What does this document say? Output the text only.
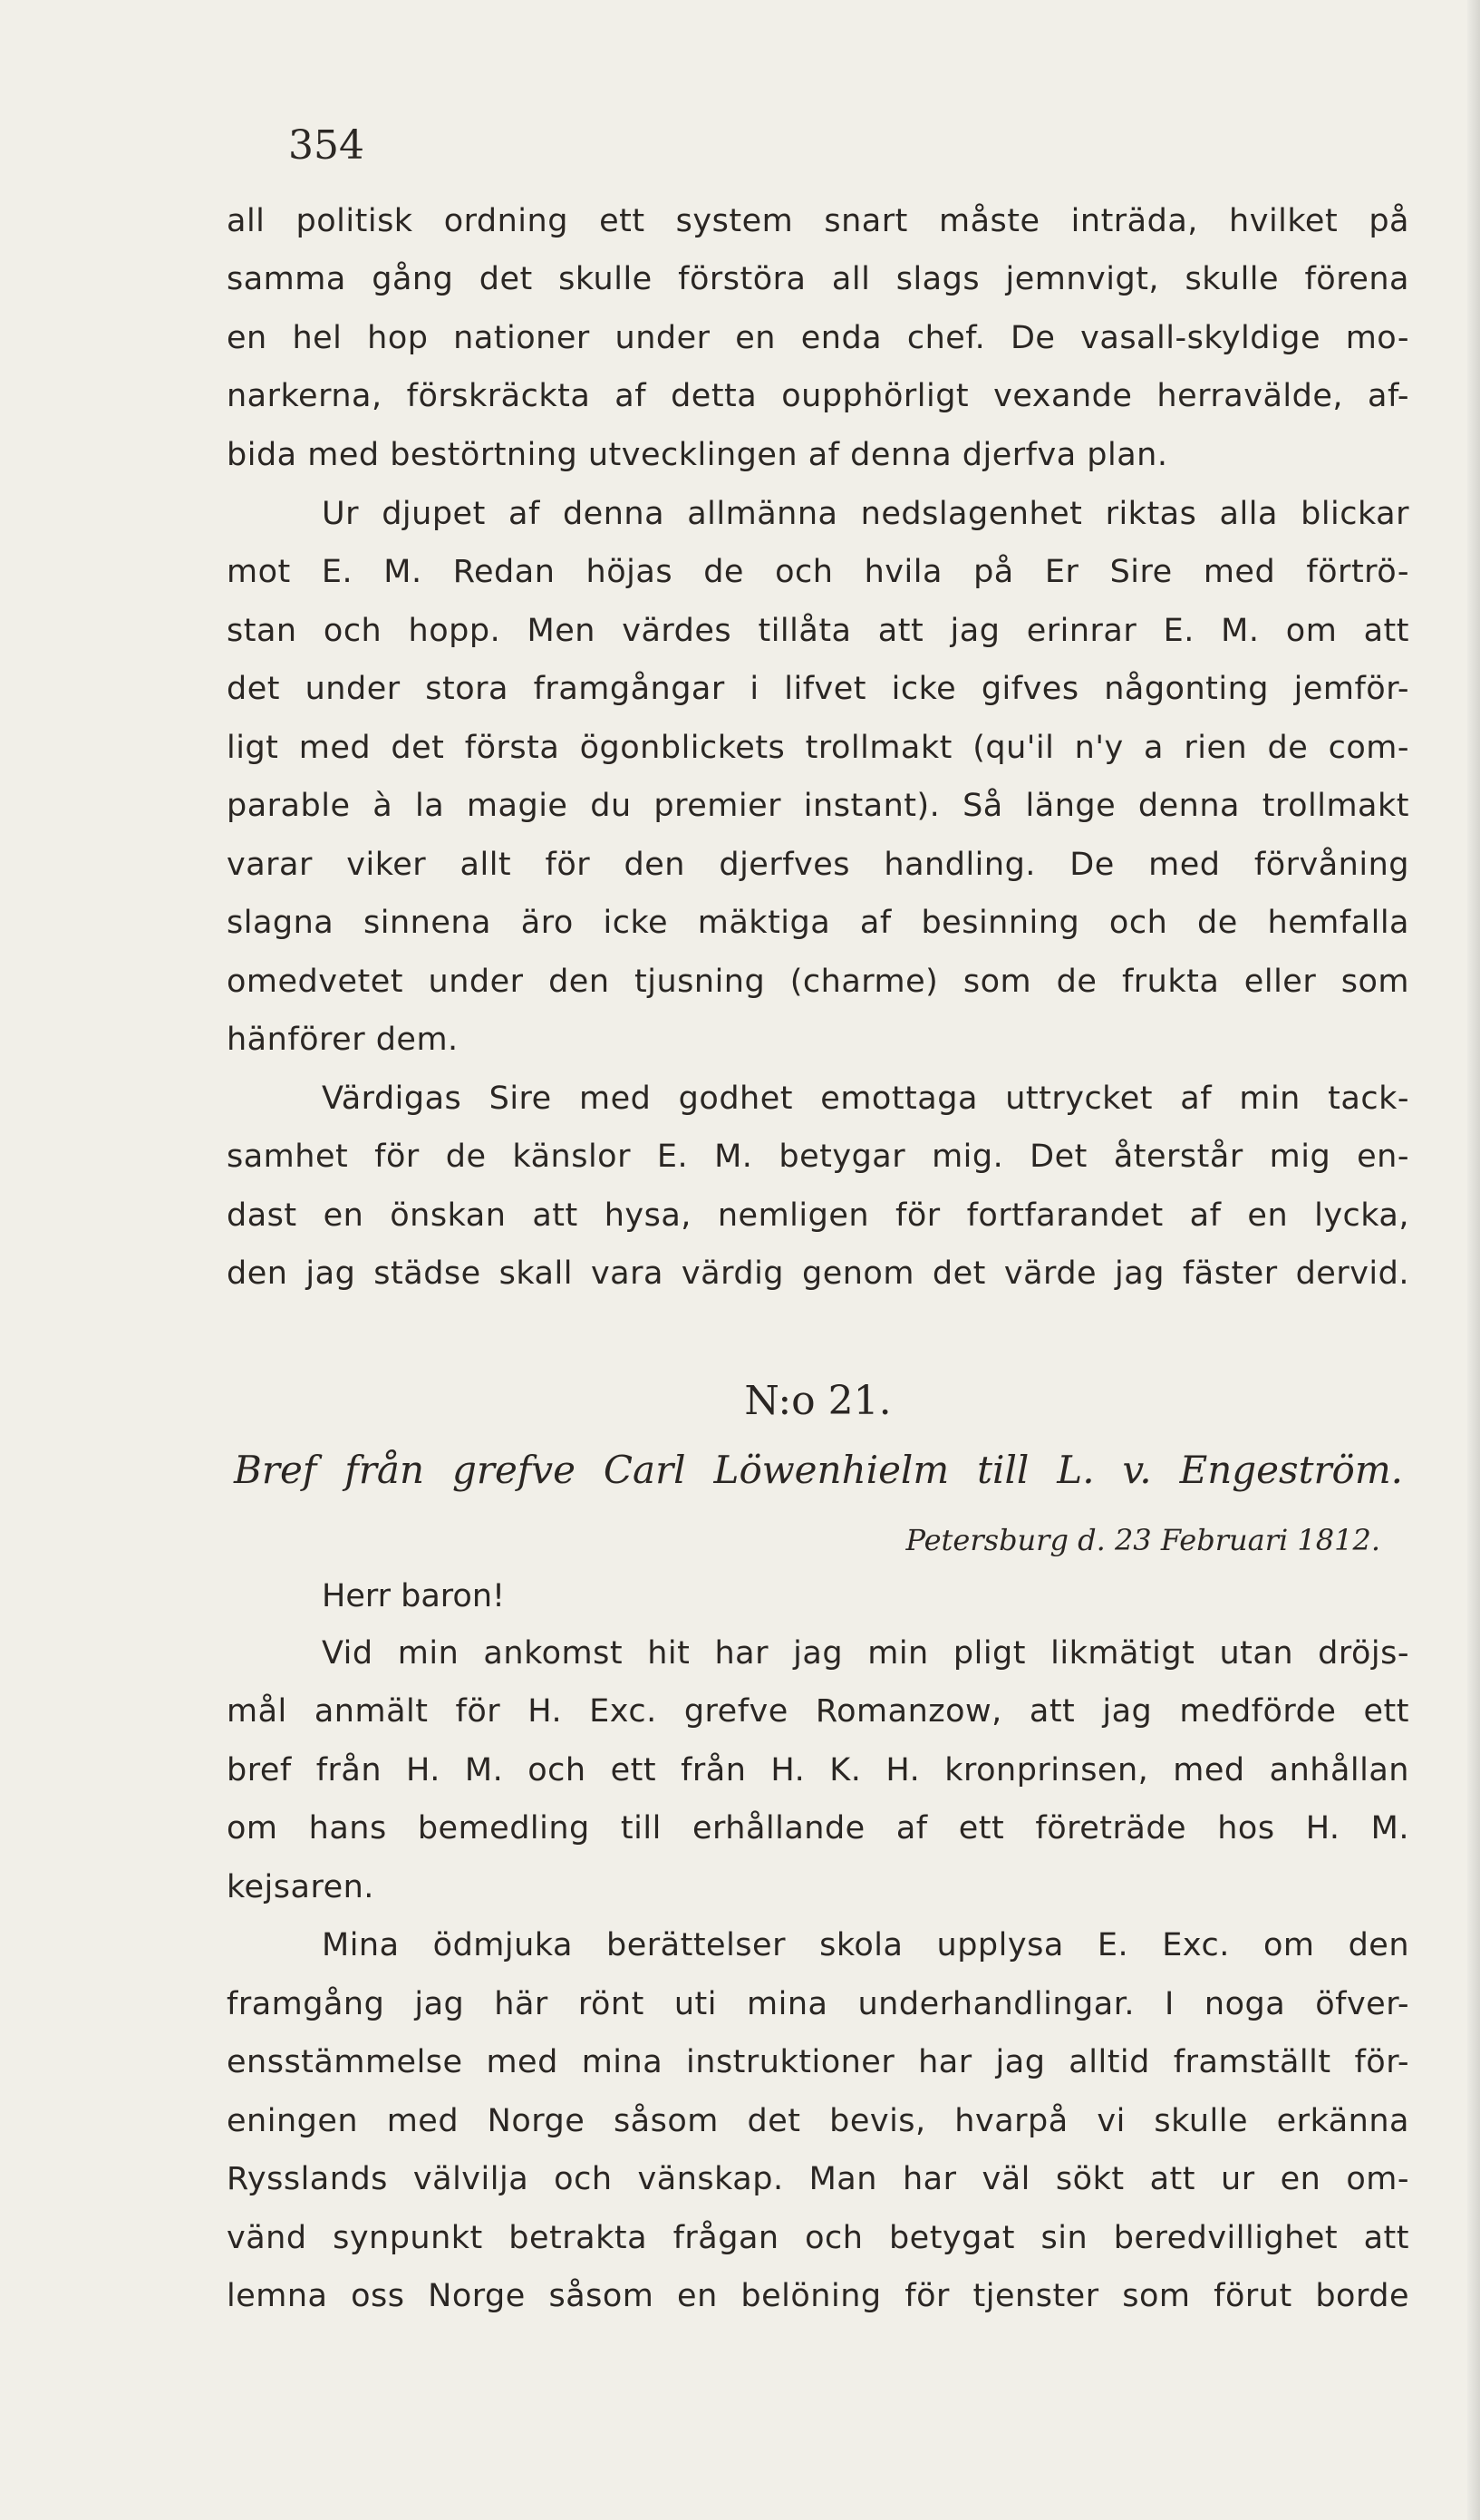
354
all politisk ordning ett system snart måste inträda, hvilket på
samma gång det skulle förstöra all slags jemnvigt, skulle förena
en hel hop nationer under en enda chef. De vasall-skyldige mo-
narkerna, förskräckta af detta oupphörligt vexande herravälde, af-
bida med bestörtning utvecklingen af denna djerfva plan.
Ur djupet af denna allmänna nedslagenhet riktas alla blickar
mot E. M. Redan höjas de och hvila på Er Sire med förtrö-
stan och hopp. Men värdes tillåta att jag erinrar E. M. om att
det under stora framgångar i lifvet icke gifves någonting jemför-
ligt med det första ögonblickets trollmakt (qu'il n'y a rien de com-
parable à la magie du premier instant). Så länge denna trollmakt
varar viker allt för den djerfves handling. De med förvåning
slagna sinnena äro icke mäktiga af besinning och de hemfalla
omedvetet under den tjusning (charme) som de frukta eller som
hänförer dem.
Värdigas Sire med godhet emottaga uttrycket af min tack-
samhet för de känslor E. M. betygar mig. Det återstår mig en-
dast en önskan att hysa, nemligen för fortfarandet af en lycka,
den jag städse skall vara värdig genom det värde jag fäster dervid.
N:o 21.
Bref från grefve Carl Löwenhielm till L. v. Engeström.
Petersburg d. 23 Februari 1812.
Herr baron!
Vid min ankomst hit har jag min pligt likmätigt utan dröjs-
mål anmält för H. Exc. grefve Romanzow, att jag medförde ett
bref från H. M. och ett från H. K. H. kronprinsen, med anhållan
om hans bemedling till erhållande af ett företräde hos H. M.
kejsaren.
Mina ödmjuka berättelser skola upplysa E. Exc. om den
framgång jag här rönt uti mina underhandlingar. I noga öfver-
ensstämmelse med mina instruktioner har jag alltid framställt för-
eningen med Norge såsom det bevis, hvarpå vi skulle erkänna
Rysslands välvilja och vänskap. Man har väl sökt att ur en om-
vänd synpunkt betrakta frågan och betygat sin beredvillighet att
lemna oss Norge såsom en belöning för tjenster som förut borde
